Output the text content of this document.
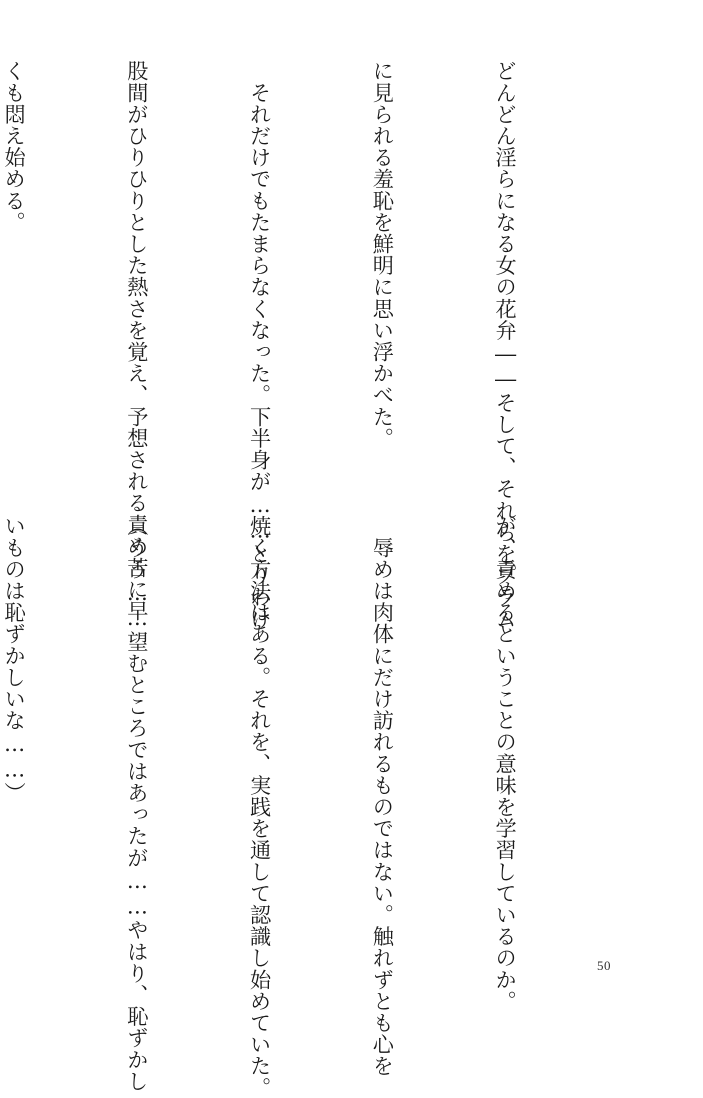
どんどん淫らになる女の花弁――そして、それらをプラム

に見られる羞恥を鮮明に思い浮かべた。

　それだけでもたまらなくなった。下半身が……とりわけ

股間がひりひりとした熱さを覚え、予想される責め苦に早

くも悶え始める。

が、責めるということの意味を学習しているのか。

　辱めは肉体にだけ訪れるものではない。触れずとも心を

焼く方法はある。それを、実践を通して認識し始めていた。

（うう……望むところではあったが……やはり、恥ずかし

いものは恥ずかしいな……）

50
